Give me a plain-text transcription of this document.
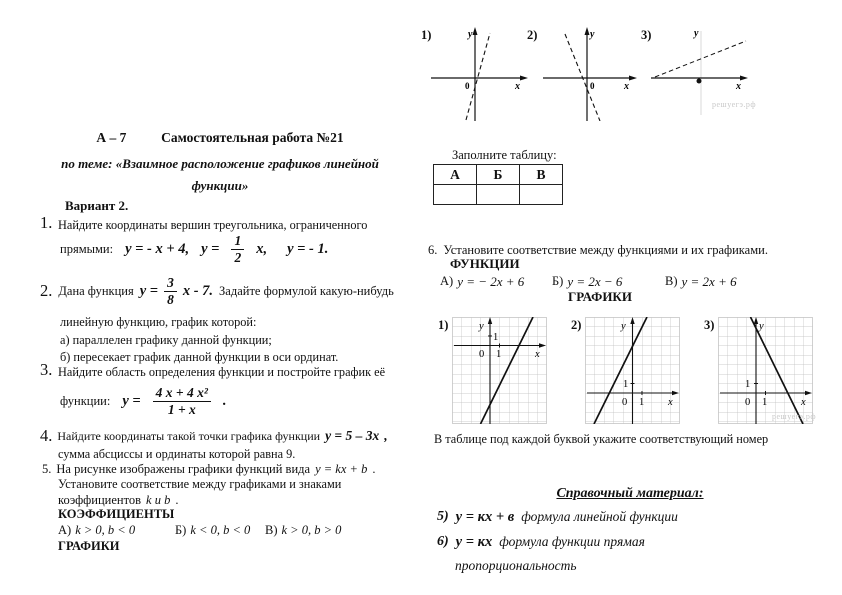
А – 7	Самостоятельная работа №21
по теме: «Взаимное расположение графиков линейной
функции»
Вариант 2.
1. Найдите координаты вершин треугольника, ограниченного
прямыми: у = - х + 4, $у = \frac{1}{2} х$, у = - 1.
2. Дана функция $у = \frac{3}{8}$ х - 7. Задайте формулой какую-нибудь
линейную функцию, график которой:
а) параллелен графику данной функции;
б) пересекает график данной функции в оси ординат.
3. Найдите область определения функции и постройте график её
функции: $у = \frac{\text{4 х + 4 х²}}{1 + х}$ .
4. Найдите координаты такой точки графика функции у = 5 – 3х ,
сумма абсциссы и ординаты которой равна 9.
5. На рисунке изображены графики функций вида y = kx + b .
Установите соответствие между графиками и знаками
коэффициентов k и b .
КОЭФФИЦИЕНТЫ
А) k > 0, b < 0	Б) k < 0, b < 0 В) k > 0, b > 0
ГРАФИКИ
1)	y
0	x
2)	y
0	x
3)	y
x
решуегэ.рф
Заполните таблицу:
А	Б	В

6. Установите соответствие между функциями и их графиками.
ФУНКЦИИ
А) у = − 2х + 6 Б) у = 2х − 6	В) у = 2х + 6
ГРАФИКИ
1)	y
1
0 1	x
2)	y
1
0 1 x
3)	y
1
0 1	x
решуегэ.рф
В таблице под каждой буквой укажите соответствующий номер
Справочный материал:
5) у = кх + в формула линейной функции
6) у = кх формула функции прямая
пропорциональность
